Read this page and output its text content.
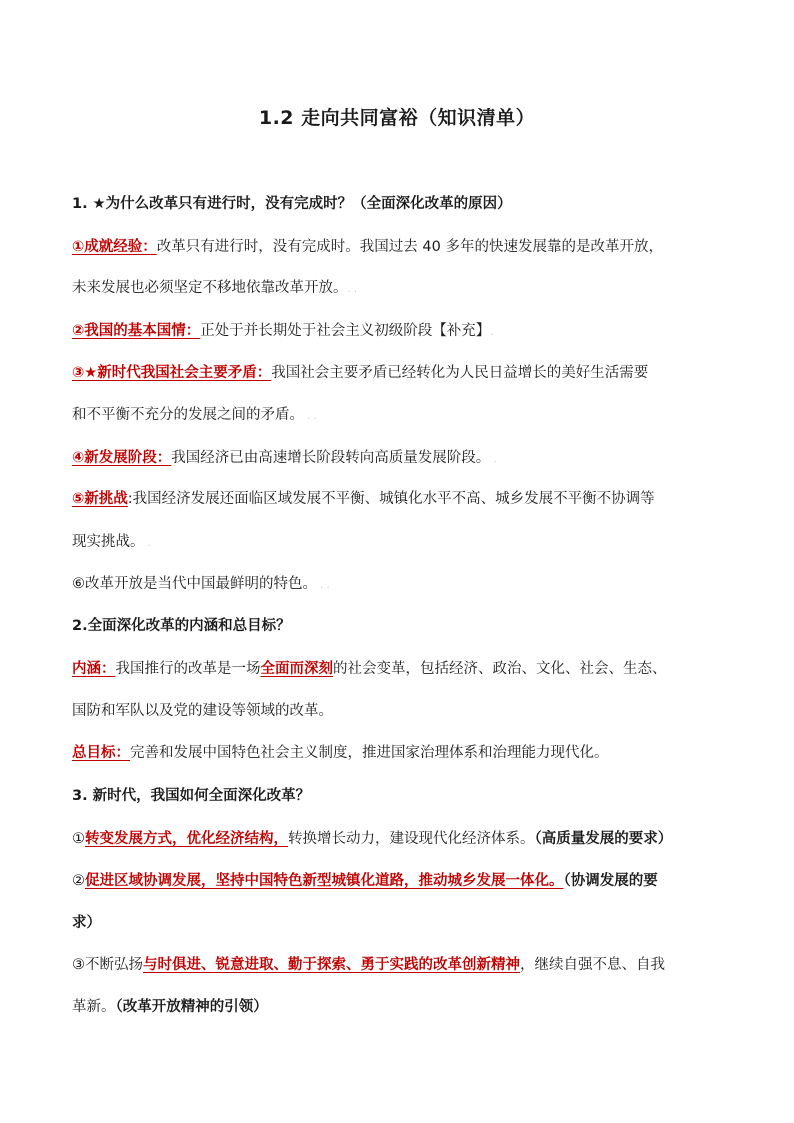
1.2 走向共同富裕（知识清单）
1. ★为什么改革只有进行时，没有完成时？（全面深化改革的原因）
①成就经验：改革只有进行时，没有完成时。我国过去 40 多年的快速发展靠的是改革开放，
未来发展也必须坚定不移地依靠改革开放。. .
②我国的基本国情：正处于并长期处于社会主义初级阶段【补充】.
③★新时代我国社会主要矛盾：我国社会主要矛盾已经转化为人民日益增长的美好生活需要
和不平衡不充分的发展之间的矛盾。 . .
④新发展阶段：我国经济已由高速增长阶段转向高质量发展阶段。 .
⑤新挑战:我国经济发展还面临区域发展不平衡、城镇化水平不高、城乡发展不平衡不协调等
现实挑战。 .
⑥改革开放是当代中国最鲜明的特色。 . .
2.全面深化改革的内涵和总目标？
内涵：我国推行的改革是一场全面而深刻的社会变革，包括经济、政治、文化、社会、生态、
国防和军队以及党的建设等领域的改革。
总目标：完善和发展中国特色社会主义制度，推进国家治理体系和治理能力现代化。
3. 新时代，我国如何全面深化改革？
①转变发展方式，优化经济结构，转换增长动力，建设现代化经济体系。（高质量发展的要求）
②促进区域协调发展，坚持中国特色新型城镇化道路，推动城乡发展一体化。（协调发展的要
求）
③不断弘扬与时俱进、锐意进取、勤于探索、勇于实践的改革创新精神，继续自强不息、自我
革新。（改革开放精神的引领）
